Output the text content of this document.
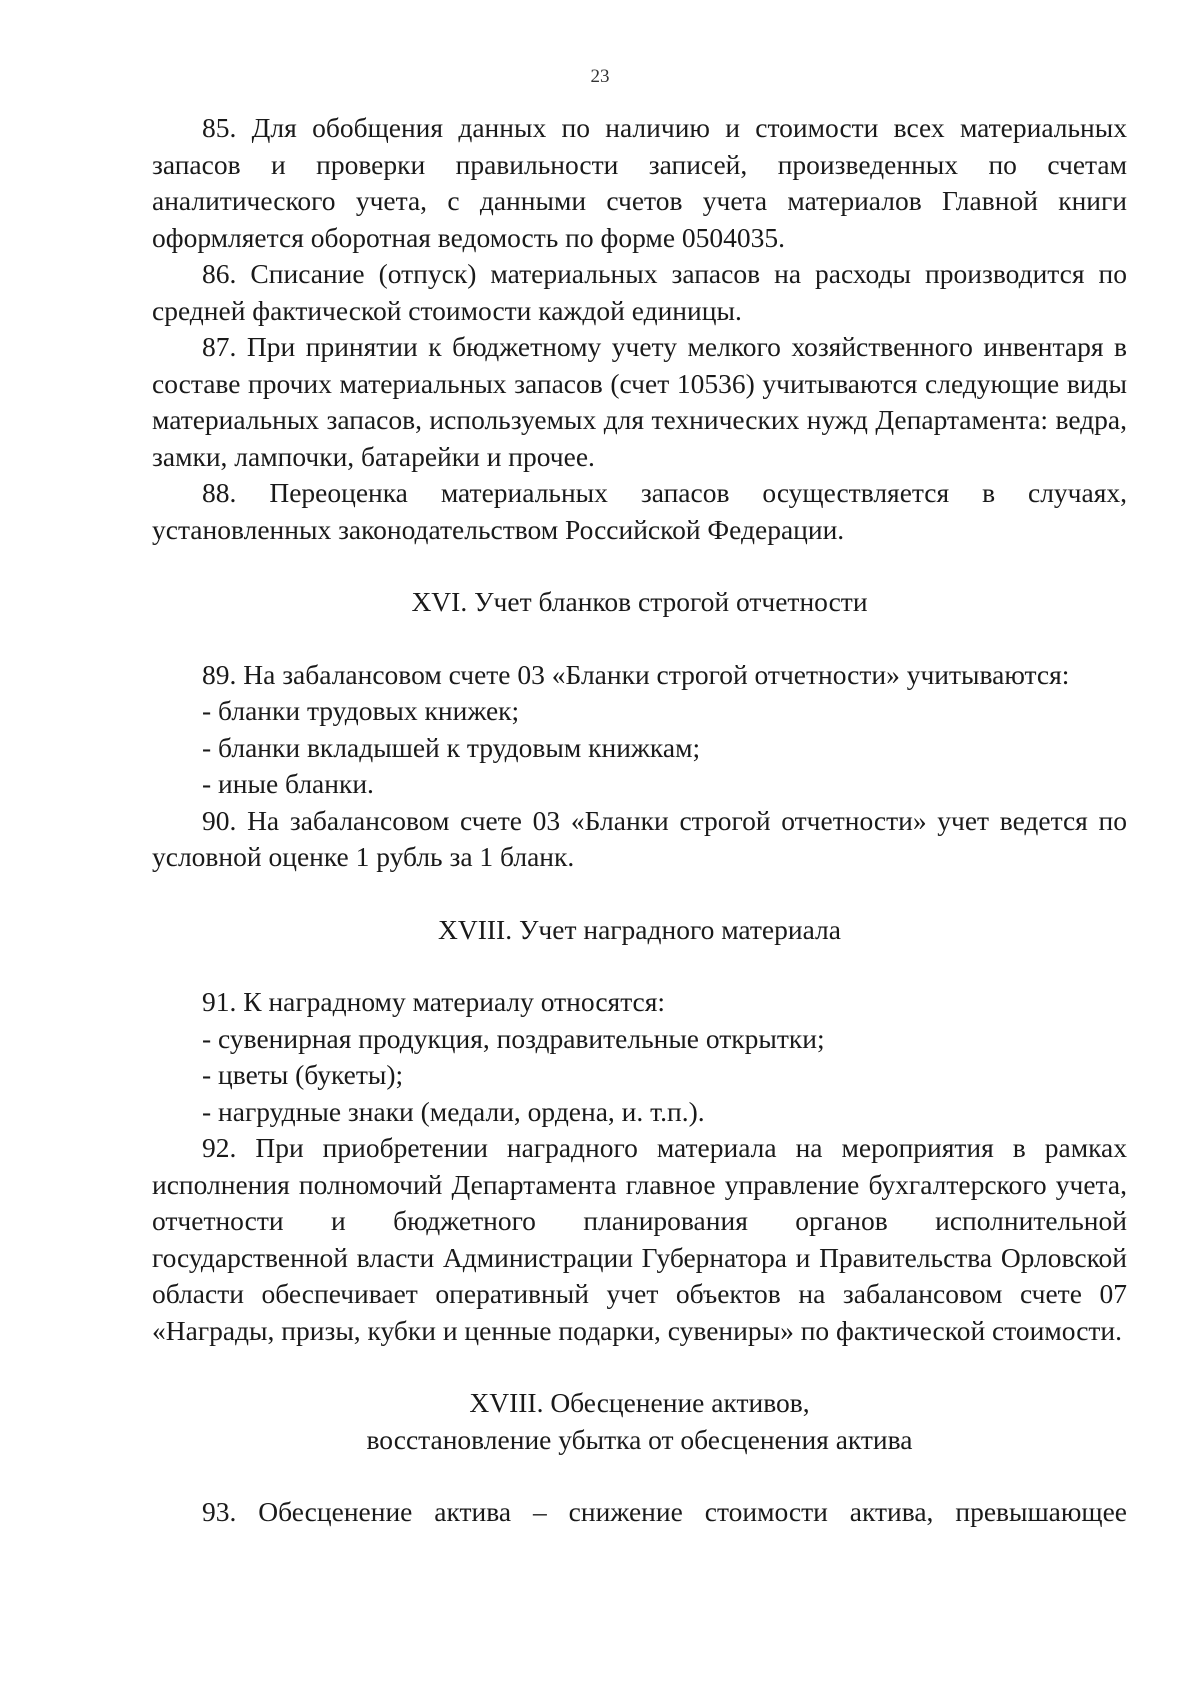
23

85. Для обобщения данных по наличию и стоимости всех материальных запасов и проверки правильности записей, произведенных по счетам аналитического учета, с данными счетов учета материалов Главной книги оформляется оборотная ведомость по форме 0504035.

86. Списание (отпуск) материальных запасов на расходы производится по средней фактической стоимости каждой единицы.

87. При принятии к бюджетному учету мелкого хозяйственного инвентаря в составе прочих материальных запасов (счет 10536) учитываются следующие виды материальных запасов, используемых для технических нужд Департамента: ведра, замки, лампочки, батарейки и прочее.

88. Переоценка материальных запасов осуществляется в случаях, установленных законодательством Российской Федерации.

XVI. Учет бланков строгой отчетности

89. На забалансовом счете 03 «Бланки строгой отчетности» учитываются:

- бланки трудовых книжек;

- бланки вкладышей к трудовым книжкам;

- иные бланки.

90. На забалансовом счете 03 «Бланки строгой отчетности» учет ведется по условной оценке 1 рубль за 1 бланк.

XVIII. Учет наградного материала

91. К наградному материалу относятся:

- сувенирная продукция, поздравительные открытки;

- цветы (букеты);

- нагрудные знаки (медали, ордена, и. т.п.).

92. При приобретении наградного материала на мероприятия в рамках исполнения полномочий Департамента главное управление бухгалтерского учета, отчетности и бюджетного планирования органов исполнительной государственной власти Администрации Губернатора и Правительства Орловской области обеспечивает оперативный учет объектов на забалансовом счете 07 «Награды, призы, кубки и ценные подарки, сувениры» по фактической стоимости.

XVIII. Обесценение активов,

восстановление убытка от обесценения актива

93. Обесценение актива – снижение стоимости актива, превышающее
